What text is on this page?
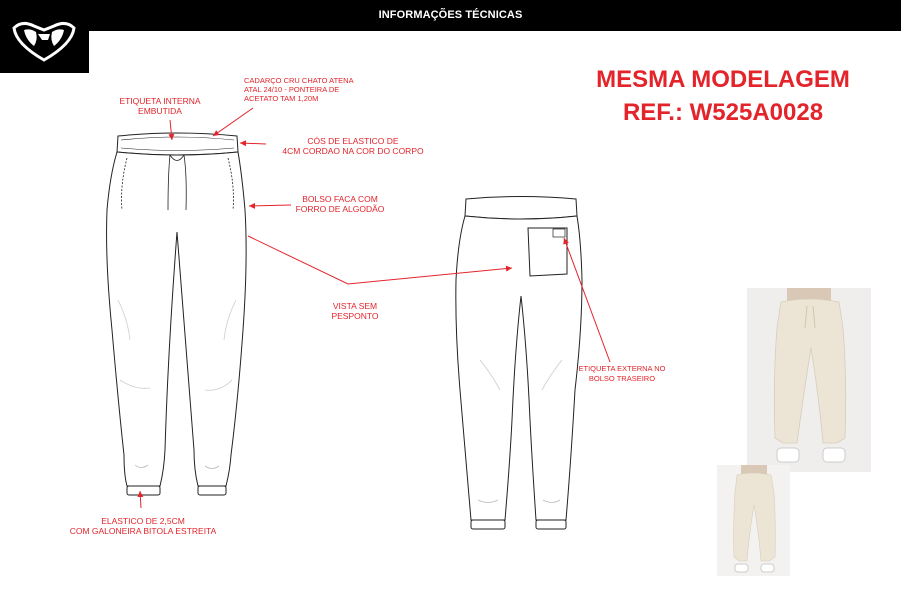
INFORMAÇÕES TÉCNICAS
MESMA MODELAGEM
REF.: W525A0028
ETIQUETA INTERNA
EMBUTIDA
CADARÇO CRU CHATO ATENA
ATAL 24/10 - PONTEIRA DE
ACETATO TAM 1,20M
CÓS DE ELASTICO DE
4CM CORDAO NA COR DO CORPO
BOLSO FACA COM
FORRO DE ALGODÃO
VISTA SEM
PESPONTO
ETIQUETA EXTERNA NO
BOLSO TRASEIRO
ELASTICO DE 2,5CM
COM GALONEIRA BITOLA ESTREITA
